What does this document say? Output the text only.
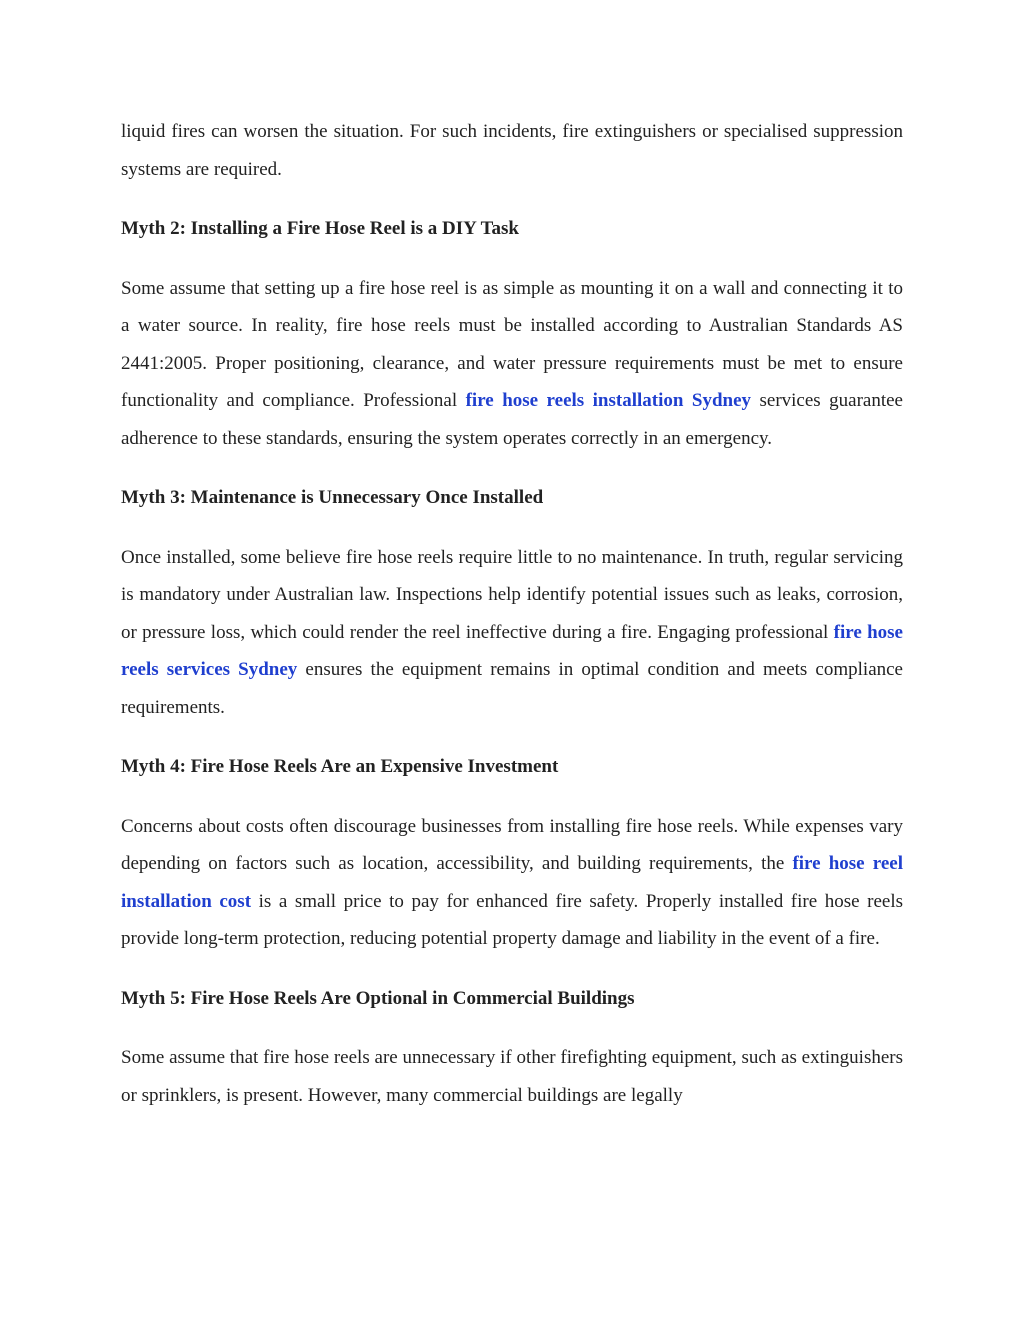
liquid fires can worsen the situation. For such incidents, fire extinguishers or specialised suppression systems are required.

Myth 2: Installing a Fire Hose Reel is a DIY Task

Some assume that setting up a fire hose reel is as simple as mounting it on a wall and connecting it to a water source. In reality, fire hose reels must be installed according to Australian Standards AS 2441:2005. Proper positioning, clearance, and water pressure requirements must be met to ensure functionality and compliance. Professional fire hose reels installation Sydney services guarantee adherence to these standards, ensuring the system operates correctly in an emergency.

Myth 3: Maintenance is Unnecessary Once Installed

Once installed, some believe fire hose reels require little to no maintenance. In truth, regular servicing is mandatory under Australian law. Inspections help identify potential issues such as leaks, corrosion, or pressure loss, which could render the reel ineffective during a fire. Engaging professional fire hose reels services Sydney ensures the equipment remains in optimal condition and meets compliance requirements.

Myth 4: Fire Hose Reels Are an Expensive Investment

Concerns about costs often discourage businesses from installing fire hose reels. While expenses vary depending on factors such as location, accessibility, and building requirements, the fire hose reel installation cost is a small price to pay for enhanced fire safety. Properly installed fire hose reels provide long-term protection, reducing potential property damage and liability in the event of a fire.

Myth 5: Fire Hose Reels Are Optional in Commercial Buildings

Some assume that fire hose reels are unnecessary if other firefighting equipment, such as extinguishers or sprinklers, is present. However, many commercial buildings are legally
